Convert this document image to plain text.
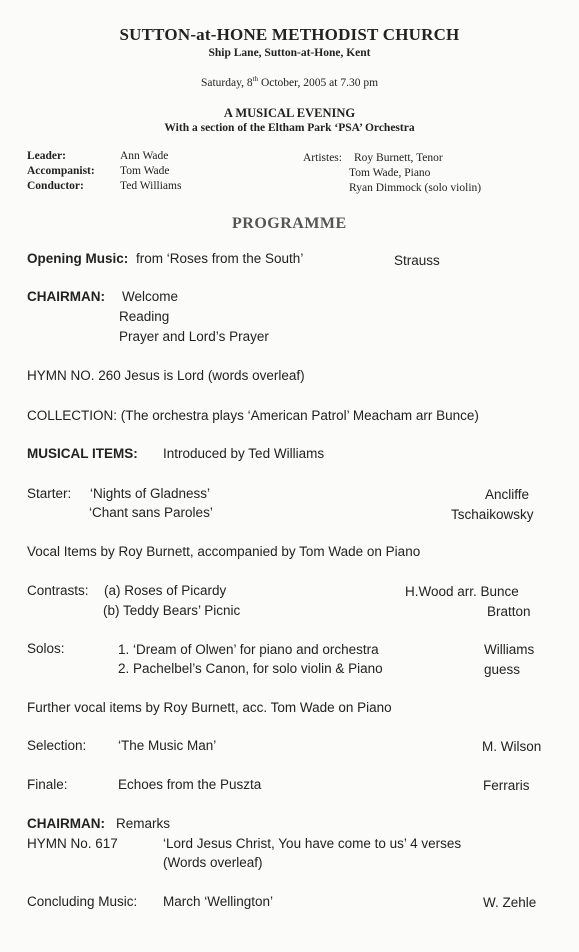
SUTTON-at-HONE METHODIST CHURCH
Ship Lane, Sutton-at-Hone, Kent
Saturday, 8th October, 2005 at 7.30 pm
A MUSICAL EVENING
With a section of the Eltham Park ‘PSA’ Orchestra
Leader:	Ann Wade
Accompanist: Tom Wade
Conductor:	Ted Williams
Artistes: Roy Burnett, Tenor
Tom Wade, Piano
Ryan Dimmock (solo violin)
PROGRAMME
Opening Music: from ‘Roses from the South’	Strauss
CHAIRMAN: Welcome
Reading
Prayer and Lord’s Prayer
HYMN NO. 260 Jesus is Lord (words overleaf)
COLLECTION: (The orchestra plays ‘American Patrol’ Meacham arr Bunce)
MUSICAL ITEMS: Introduced by Ted Williams
Starter: ‘Nights of Gladness’	Ancliffe
‘Chant sans Paroles’	Tschaikowsky
Vocal Items by Roy Burnett, accompanied by Tom Wade on Piano
Contrasts: (a) Roses of Picardy	H.Wood arr. Bunce
(b) Teddy Bears’ Picnic	Bratton
Solos:	1. ‘Dream of Olwen’ for piano and orchestra	Williams
2. Pachelbel’s Canon, for solo violin & Piano	guess
Further vocal items by Roy Burnett, acc. Tom Wade on Piano
Selection: ‘The Music Man’	M. Wilson
Finale:	Echoes from the Puszta	Ferraris
CHAIRMAN: Remarks
HYMN No. 617	‘Lord Jesus Christ, You have come to us’ 4 verses
(Words overleaf)
Concluding Music: March ‘Wellington’	W. Zehle
